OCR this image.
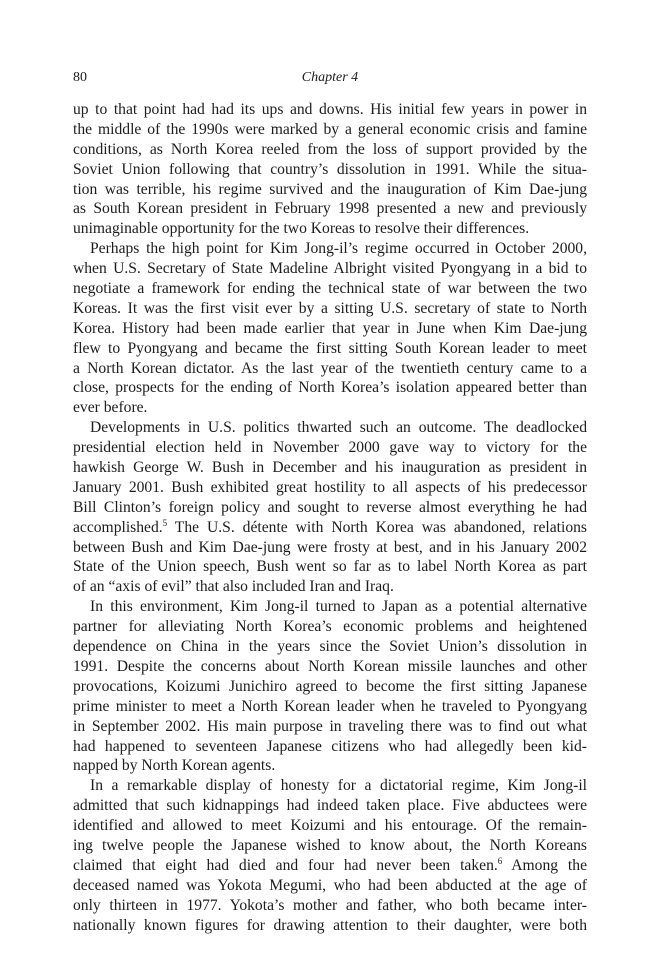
80	Chapter 4
up to that point had had its ups and downs. His initial few years in power in
the middle of the 1990s were marked by a general economic crisis and famine
conditions, as North Korea reeled from the loss of support provided by the
Soviet Union following that country’s dissolution in 1991. While the situa-
tion was terrible, his regime survived and the inauguration of Kim Dae-jung
as South Korean president in February 1998 presented a new and previously
unimaginable opportunity for the two Koreas to resolve their differences.
Perhaps the high point for Kim Jong-il’s regime occurred in October 2000,
when U.S. Secretary of State Madeline Albright visited Pyongyang in a bid to
negotiate a framework for ending the technical state of war between the two
Koreas. It was the first visit ever by a sitting U.S. secretary of state to North
Korea. History had been made earlier that year in June when Kim Dae-jung
flew to Pyongyang and became the first sitting South Korean leader to meet
a North Korean dictator. As the last year of the twentieth century came to a
close, prospects for the ending of North Korea’s isolation appeared better than
ever before.
Developments in U.S. politics thwarted such an outcome. The deadlocked
presidential election held in November 2000 gave way to victory for the
hawkish George W. Bush in December and his inauguration as president in
January 2001. Bush exhibited great hostility to all aspects of his predecessor
Bill Clinton’s foreign policy and sought to reverse almost everything he had
accomplished.$^5$ The U.S. détente with North Korea was abandoned, relations
between Bush and Kim Dae-jung were frosty at best, and in his January 2002
State of the Union speech, Bush went so far as to label North Korea as part
of an “axis of evil” that also included Iran and Iraq.
In this environment, Kim Jong-il turned to Japan as a potential alternative
partner for alleviating North Korea’s economic problems and heightened
dependence on China in the years since the Soviet Union’s dissolution in
1991. Despite the concerns about North Korean missile launches and other
provocations, Koizumi Junichiro agreed to become the first sitting Japanese
prime minister to meet a North Korean leader when he traveled to Pyongyang
in September 2002. His main purpose in traveling there was to find out what
had happened to seventeen Japanese citizens who had allegedly been kid-
napped by North Korean agents.
In a remarkable display of honesty for a dictatorial regime, Kim Jong-il
admitted that such kidnappings had indeed taken place. Five abductees were
identified and allowed to meet Koizumi and his entourage. Of the remain-
ing twelve people the Japanese wished to know about, the North Koreans
claimed that eight had died and four had never been taken.$^6$ Among the
deceased named was Yokota Megumi, who had been abducted at the age of
only thirteen in 1977. Yokota’s mother and father, who both became inter-
nationally known figures for drawing attention to their daughter, were both
